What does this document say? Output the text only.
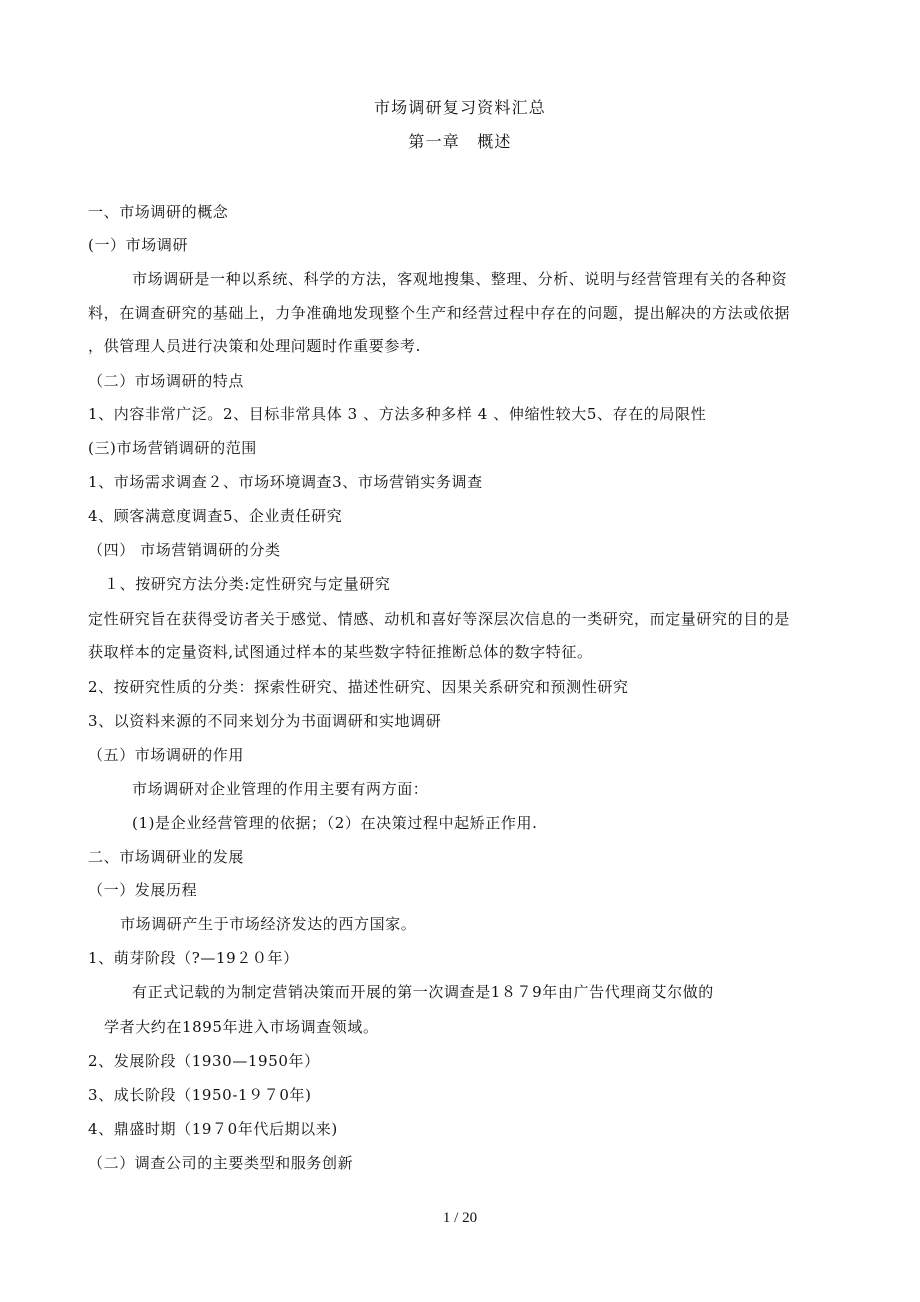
市场调研复习资料汇总
第一章　概述
一、市场调研的概念
(一）市场调研
市场调研是一种以系统、科学的方法，客观地搜集、整理、分析、说明与经营管理有关的各种资
料，在调查研究的基础上，力争准确地发现整个生产和经营过程中存在的问题，提出解决的方法或依据
，供管理人员进行决策和处理问题时作重要参考.
（二）市场调研的特点
1、内容非常广泛。2、目标非常具体 3 、方法多种多样 4 、伸缩性较大5、存在的局限性
(三)市场营销调研的范围
1、市场需求调查２、市场环境调查3、市场营销实务调查
4、顾客满意度调查5、企业责任研究
（四） 市场营销调研的分类
１、按研究方法分类:定性研究与定量研究
定性研究旨在获得受访者关于感觉、情感、动机和喜好等深层次信息的一类研究，而定量研究的目的是
获取样本的定量资料,试图通过样本的某些数字特征推断总体的数字特征。
2、按研究性质的分类：探索性研究、描述性研究、因果关系研究和预测性研究
3、以资料来源的不同来划分为书面调研和实地调研
（五）市场调研的作用
市场调研对企业管理的作用主要有两方面：
(1)是企业经营管理的依据；（2）在决策过程中起矫正作用.
二、市场调研业的发展
（一）发展历程
市场调研产生于市场经济发达的西方国家。
1、萌芽阶段（?—19２０年）
有正式记载的为制定营销决策而开展的第一次调查是1８７9年由广告代理商艾尔做的
学者大约在1895年进入市场调查领域。
2、发展阶段（1930—1950年）
3、成长阶段（1950-1９７0年)
4、鼎盛时期（19７0年代后期以来)
（二）调查公司的主要类型和服务创新
1 / 20
